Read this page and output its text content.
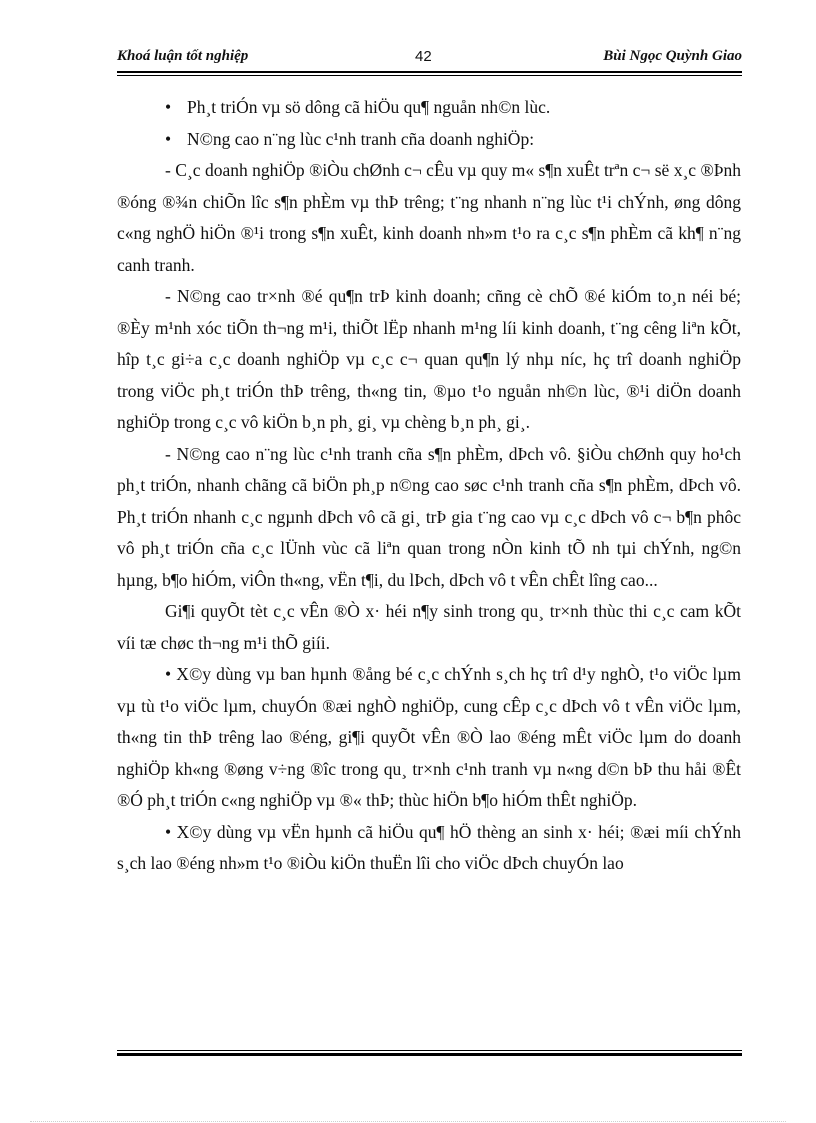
Khoá luận tốt nghiệp	42	Bùi Ngọc Quỳnh Giao

• Ph¸t triÓn vµ sö dông cã hiÖu qu¶ nguån nh©n lùc.

• N©ng cao n¨ng lùc c¹nh tranh cña doanh nghiÖp:

- C¸c doanh nghiÖp ®iÒu chØnh c¬ cÊu vµ quy m« s¶n xuÊt trªn c¬ së x¸c ®Þnh ®óng ®¾n chiÕn lîc s¶n phÈm vµ thÞ trêng; t¨ng nhanh n¨ng lùc t¹i chÝnh, øng dông c«ng nghÖ hiÖn ®¹i trong s¶n xuÊt, kinh doanh nh»m t¹o ra c¸c s¶n phÈm cã kh¶ n¨ng canh tranh.

- N©ng cao tr×nh ®é qu¶n trÞ kinh doanh; cñng cè chÕ ®é kiÓm to¸n néi bé; ®Èy m¹nh xóc tiÕn th¬ng m¹i, thiÕt lËp nhanh m¹ng líi kinh doanh, t¨ng cêng liªn kÕt, hîp t¸c gi÷a c¸c doanh nghiÖp vµ c¸c c¬ quan qu¶n lý nhµ níc, hç trî doanh nghiÖp trong viÖc ph¸t triÓn thÞ trêng, th«ng tin, ®µo t¹o nguån nh©n lùc, ®¹i diÖn doanh nghiÖp trong c¸c vô kiÖn b¸n ph¸ gi¸ vµ chèng b¸n ph¸ gi¸.

- N©ng cao n¨ng lùc c¹nh tranh cña s¶n phÈm, dÞch vô. §iÒu chØnh quy ho¹ch ph¸t triÓn, nhanh chãng cã biÖn ph¸p n©ng cao søc c¹nh tranh cña s¶n phÈm, dÞch vô. Ph¸t triÓn nhanh c¸c ngµnh dÞch vô cã gi¸ trÞ gia t¨ng cao vµ c¸c dÞch vô c¬ b¶n phôc vô ph¸t triÓn cña c¸c lÜnh vùc cã liªn quan trong nÒn kinh tÕ nh tµi chÝnh, ng©n hµng, b¶o hiÓm, viÔn th«ng, vËn t¶i, du lÞch, dÞch vô t vÊn chÊt lîng cao...

Gi¶i quyÕt tèt c¸c vÊn ®Ò x· héi n¶y sinh trong qu¸ tr×nh thùc thi c¸c cam kÕt víi tæ chøc th¬ng m¹i thÕ giíi.

• X©y dùng vµ ban hµnh ®ång bé c¸c chÝnh s¸ch hç trî d¹y nghÒ, t¹o viÖc lµm vµ tù t¹o viÖc lµm, chuyÓn ®æi nghÒ nghiÖp, cung cÊp c¸c dÞch vô t vÊn viÖc lµm, th«ng tin thÞ trêng lao ®éng, gi¶i quyÕt vÊn ®Ò lao ®éng mÊt viÖc lµm do doanh nghiÖp kh«ng ®øng v÷ng ®îc trong qu¸ tr×nh c¹nh tranh vµ n«ng d©n bÞ thu håi ®Êt ®Ó ph¸t triÓn c«ng nghiÖp vµ ®« thÞ; thùc hiÖn b¶o hiÓm thÊt nghiÖp.

• X©y dùng vµ vËn hµnh cã hiÖu qu¶ hÖ thèng an sinh x· héi; ®æi míi chÝnh s¸ch lao ®éng nh»m t¹o ®iÒu kiÖn thuËn lîi cho viÖc dÞch chuyÓn lao
